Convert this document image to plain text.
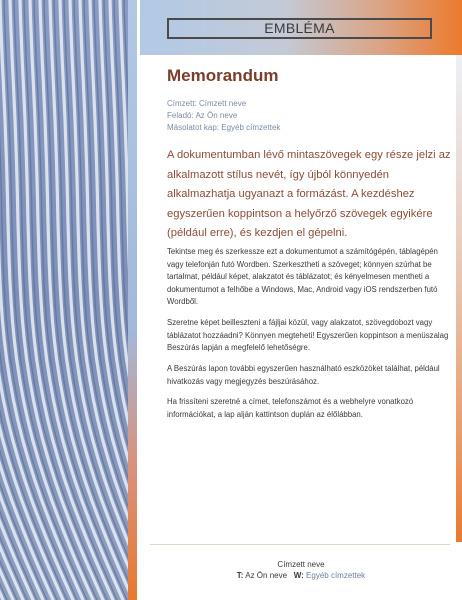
EMBLÉMA
Memorandum
Címzett: Címzett neve
Feladó: Az Ön neve
Másolatot kap: Egyéb címzettek

A dokumentumban lévő mintaszövegek egy része jelzi az alkalmazott stílus nevét, így újból könnyedén alkalmazhatja ugyanazt a formázást. A kezdéshez egyszerűen koppintson a helyőrző szövegek egyikére (például erre), és kezdjen el gépelni.

Tekintse meg és szerkessze ezt a dokumentumot a számítógépén, táblagépén vagy telefonján futó Wordben. Szerkesztheti a szöveget; könnyen szúrhat be tartalmat, például képet, alakzatot és táblázatot; és kényelmesen mentheti a dokumentumot a felhőbe a Windows, Mac, Android vagy iOS rendszerben futó Wordből.

Szeretne képet beilleszteni a fájljai közül, vagy alakzatot, szövegdobozt vagy táblázatot hozzáadni? Könnyen megteheti! Egyszerűen koppintson a menüszalag Beszúrás lapján a megfelelő lehetőségre.

A Beszúrás lapon további egyszerűen használható eszközöket találhat, például hivatkozás vagy megjegyzés beszúrásához.

Ha frissíteni szeretné a címet, telefonszámot és a webhelyre vonatkozó információkat, a lap alján kattintson duplán az élőlábban.

Címzett neve
T: Az Ön neve W: Egyéb címzettek
